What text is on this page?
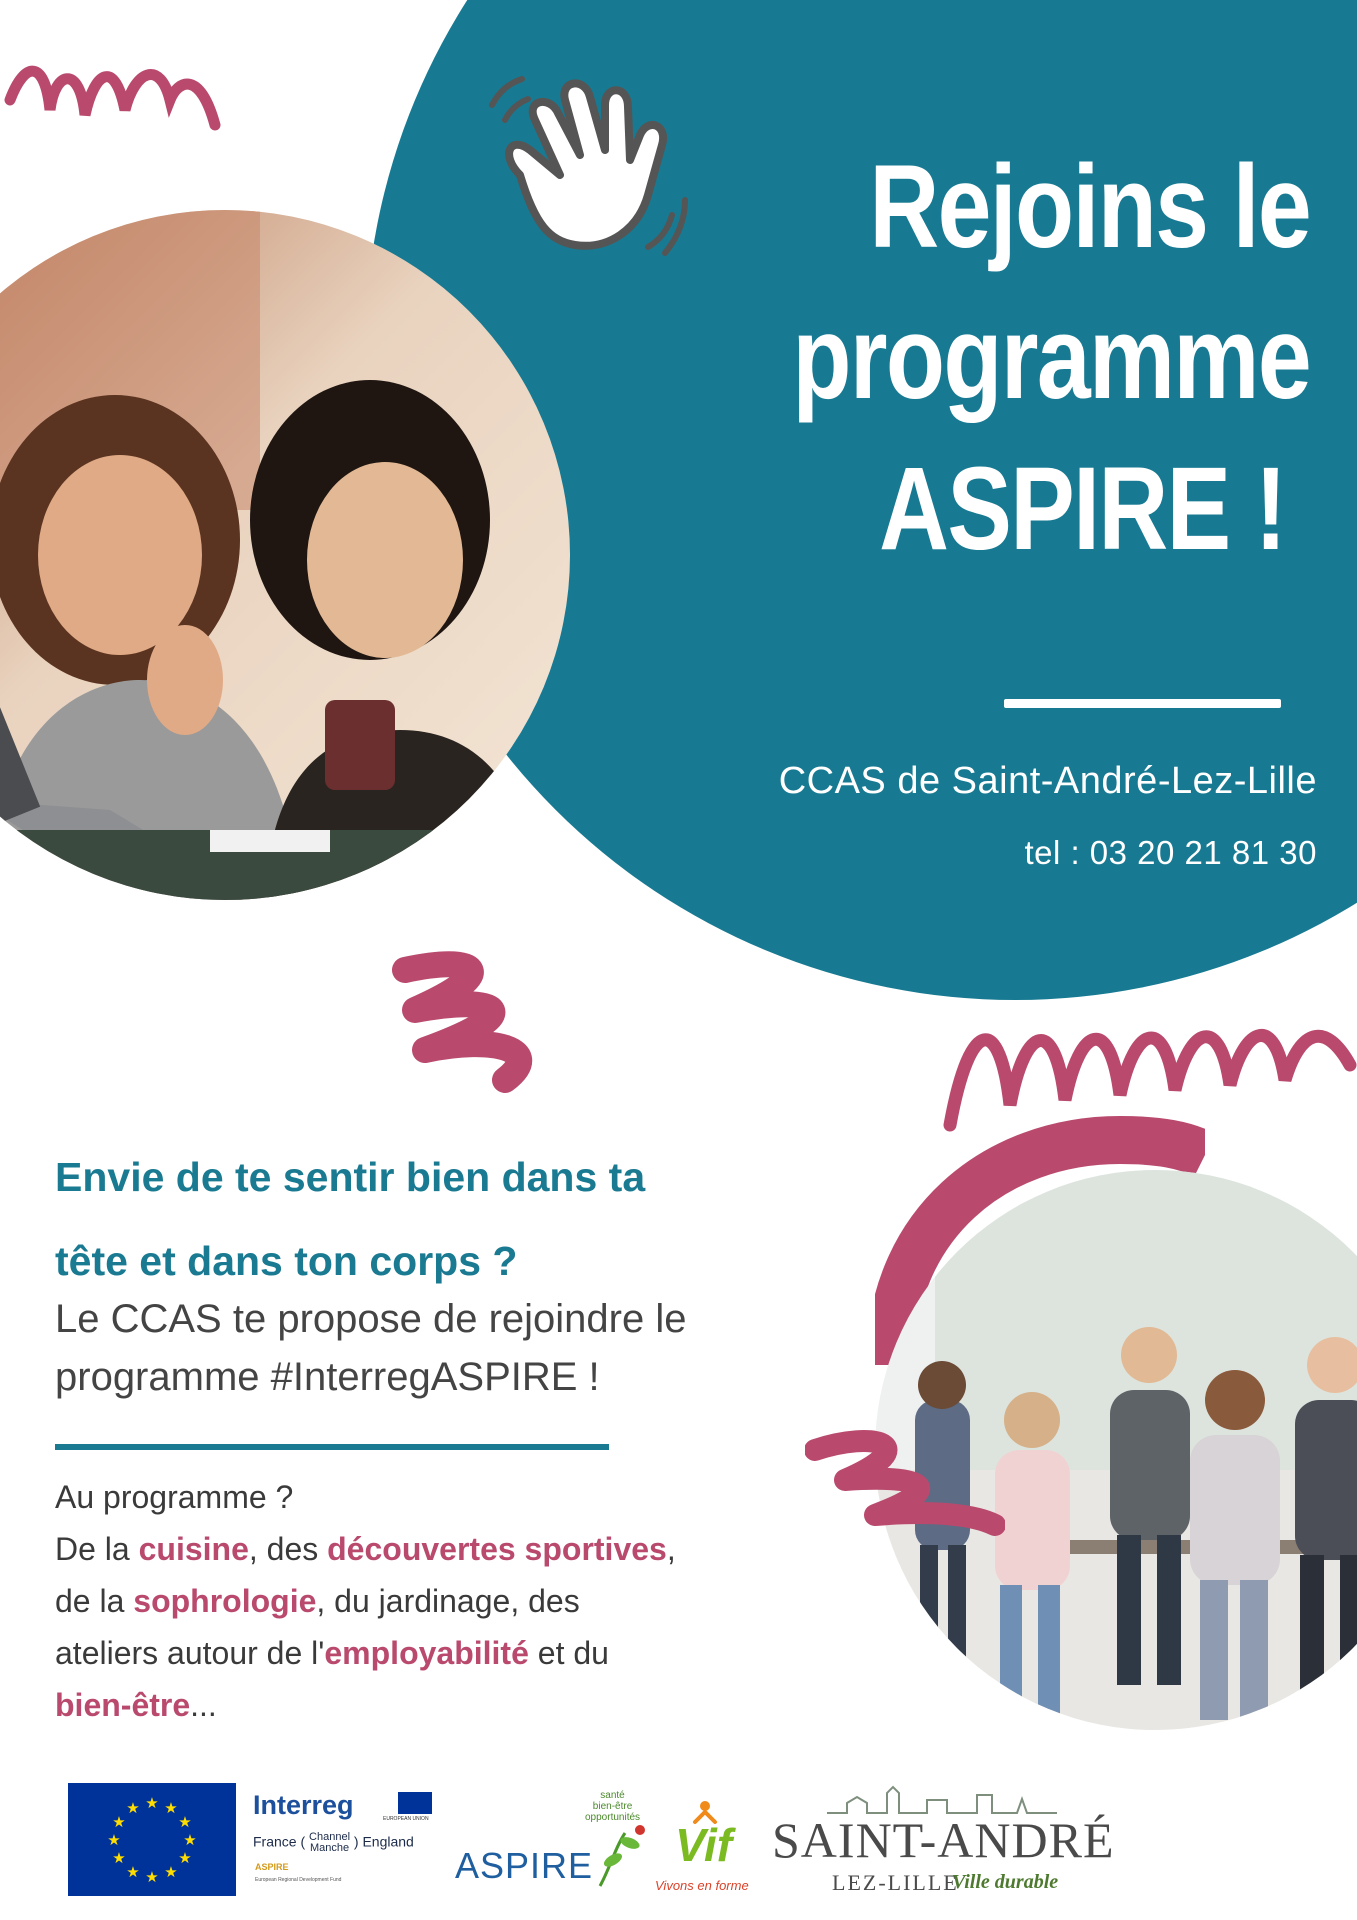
Rejoins le
programme
ASPIRE !
CCAS de Saint-André-Lez-Lille
tel : 03 20 21 81 30
Envie de te sentir bien dans ta
tête et dans ton corps ?
Le CCAS te propose de rejoindre le
programme #InterregASPIRE !
Au programme ?
De la cuisine, des découvertes sportives,
de la sophrologie, du jardinage, des
ateliers autour de l'employabilité et du
bien-être...
★ ★
★
★
★
★
★
★
★
★
★
★	Interreg	EUROPEAN UNION
France ( Channel
Manche ) England
ASPIRE
European Regional Development Fund
santé
bien-être
opportunités
ASPIRE Vif
Vivons en forme
SAINT-ANDRÉ
LEZ-LILLE
Ville durable
